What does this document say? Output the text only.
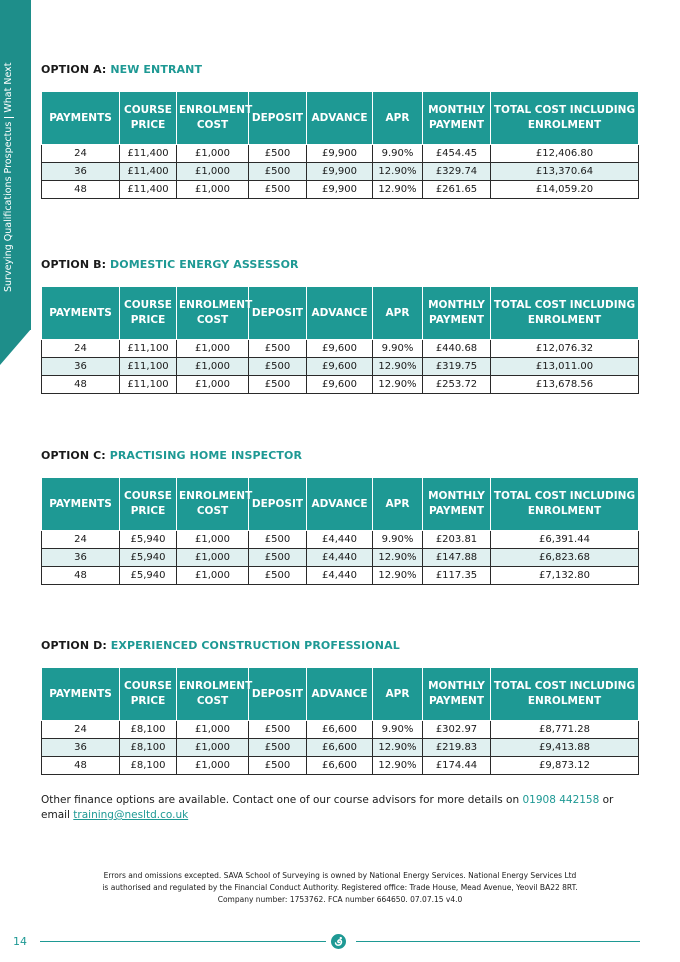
Surveying Qualifications Prospectus
What Next OPTION A: NEW ENTRANT
PAYMENTS	COURSE PRICE	ENROLMENT COST	DEPOSIT	ADVANCE	APR	MONTHLY PAYMENT	TOTAL COST INCLUDING ENROLMENT
24	£11,400	£1,000	£500	£9,900	9.90%	£454.45	£12,406.80
36	£11,400	£1,000	£500	£9,900	12.90%	£329.74	£13,370.64
48	£11,400	£1,000	£500	£9,900	12.90%	£261.65	£14,059.20
OPTION B: DOMESTIC ENERGY ASSESSOR
PAYMENTS	COURSE PRICE	ENROLMENT COST	DEPOSIT	ADVANCE	APR	MONTHLY PAYMENT	TOTAL COST INCLUDING ENROLMENT
24	£11,100	£1,000	£500	£9,600	9.90%	£440.68	£12,076.32
36	£11,100	£1,000	£500	£9,600	12.90%	£319.75	£13,011.00
48	£11,100	£1,000	£500	£9,600	12.90%	£253.72	£13,678.56
OPTION C: PRACTISING HOME INSPECTOR
PAYMENTS	COURSE PRICE	ENROLMENT COST	DEPOSIT	ADVANCE	APR	MONTHLY PAYMENT	TOTAL COST INCLUDING ENROLMENT
24	£5,940	£1,000	£500	£4,440	9.90%	£203.81	£6,391.44
36	£5,940	£1,000	£500	£4,440	12.90%	£147.88	£6,823.68
48	£5,940	£1,000	£500	£4,440	12.90%	£117.35	£7,132.80
OPTION D: EXPERIENCED CONSTRUCTION PROFESSIONAL
PAYMENTS	COURSE PRICE	ENROLMENT COST	DEPOSIT	ADVANCE	APR	MONTHLY PAYMENT	TOTAL COST INCLUDING ENROLMENT
24	£8,100	£1,000	£500	£6,600	9.90%	£302.97	£8,771.28
36	£8,100	£1,000	£500	£6,600	12.90%	£219.83	£9,413.88
48	£8,100	£1,000	£500	£6,600	12.90%	£174.44	£9,873.12
Other finance options are available. Contact one of our course advisors for more details on 01908 442158 or
email training@nesltd.co.uk
Errors and omissions excepted. SAVA School of Surveying is owned by National Energy Services. National Energy Services Ltd is authorised and regulated by the Financial Conduct Authority. Registered office: Trade House, Mead Avenue, Yeovil BA22 8RT. Company number: 1753762. FCA number 664650. 07.07.15 v4.0
14
